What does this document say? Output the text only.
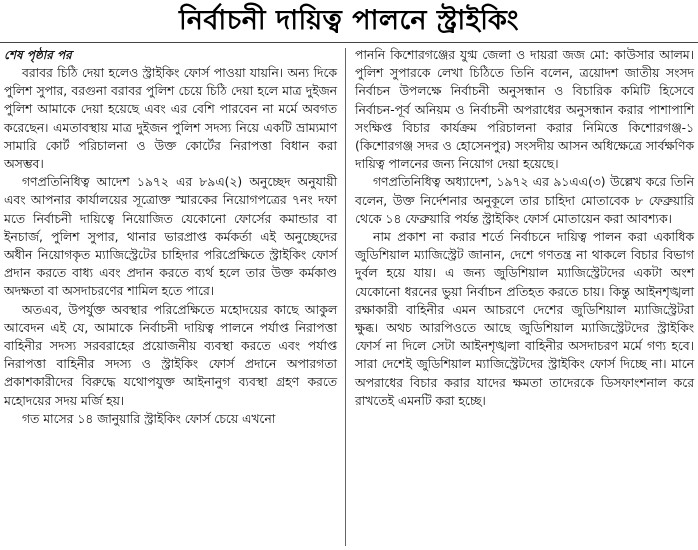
নির্বাচনী দায়িত্ব পালনে স্ট্রাইকিং
শেষ পৃষ্ঠার পর

বরাবর চিঠি দেয়া হলেও স্ট্রাইকিং ফোর্স পাওয়া যায়নি। অন্য দিকে পুলিশ সুপার, বরগুনা বরাবর পুলিশ চেয়ে চিঠি দেয়া হলে মাত্র দুইজন পুলিশ আমাকে দেয়া হয়েছে এবং এর বেশি পারবেন না মর্মে অবগত করেছেন। এমতাবস্থায় মাত্র দুইজন পুলিশ সদস্য নিয়ে একটি ভ্রাম্যমাণ সামারি কোর্ট পরিচালনা ও উক্ত কোর্টের নিরাপত্তা বিধান করা অসম্ভব।

গণপ্রতিনিধিত্ব আদেশ ১৯৭২ এর ৮৯এ(২) অনুচ্ছেদ অনুযায়ী এবং আপনার কার্যালয়ের সূত্রোক্ত স্মারকের নিয়োগপত্রের ৭নং দফা মতে নির্বাচনী দায়িত্বে নিয়োজিত যেকোনো ফোর্সের কমান্ডার বা ইনচার্জ, পুলিশ সুপার, থানার ভারপ্রাপ্ত কর্মকর্তা এই অনুচ্ছেদের অধীন নিয়োগকৃত ম্যাজিস্ট্রেটের চাহিদার পরিপ্রেক্ষিতে স্ট্রাইকিং ফোর্স প্রদান করতে বাধ্য এবং প্রদান করতে ব্যর্থ হলে তার উক্ত কর্মকাণ্ড অদক্ষতা বা অসদাচরণের শামিল হতে পারে।

অতএব, উপর্যুক্ত অবস্থার পরিপ্রেক্ষিতে মহোদয়ের কাছে আকুল আবেদন এই যে, আমাকে নির্বাচনী দায়িত্ব পালনে পর্যাপ্ত নিরাপত্তা বাহিনীর সদস্য সরবরাহের প্রয়োজনীয় ব্যবস্থা করতে এবং পর্যাপ্ত নিরাপত্তা বাহিনীর সদস্য ও স্ট্রাইকিং ফোর্স প্রদানে অপারগতা প্রকাশকারীদের বিরুদ্ধে যথোপযুক্ত আইনানুগ ব্যবস্থা গ্রহণ করতে মহোদয়ের সদয় মর্জি হয়।

গত মাসের ১৪ জানুয়ারি স্ট্রাইকিং ফোর্স চেয়ে এখনো

পাননি কিশোরগঞ্জের যুগ্ম জেলা ও দায়রা জজ মো: কাউসার আলম। পুলিশ সুপারকে লেখা চিঠিতে তিনি বলেন, ত্রয়োদশ জাতীয় সংসদ নির্বাচন উপলক্ষে নির্বাচনী অনুসন্ধান ও বিচারিক কমিটি হিসেবে নির্বাচন-পূর্ব অনিয়ম ও নির্বাচনী অপরাধের অনুসন্ধান করার পাশাপাশি সংক্ষিপ্ত বিচার কার্যক্রম পরিচালনা করার নিমিত্তে কিশোরগঞ্জ-১ (কিশোরগঞ্জ সদর ও হোসেনপুর) সংসদীয় আসন অধিক্ষেত্রে সার্বক্ষণিক দায়িত্ব পালনের জন্য নিয়োগ দেয়া হয়েছে।

গণপ্রতিনিধিত্ব অধ্যাদেশ, ১৯৭২ এর ৯১এএ(৩) উল্লেখ করে তিনি বলেন, উক্ত নির্দেশনার অনুকূলে তার চাহিদা মোতাবেক ৮ ফেব্রুয়ারি থেকে ১৪ ফেব্রুয়ারি পর্যন্ত স্ট্রাইকিং ফোর্স মোতায়েন করা আবশ্যক।

নাম প্রকাশ না করার শর্তে নির্বাচনে দায়িত্ব পালন করা একাধিক জুডিশিয়াল ম্যাজিস্ট্রেট জানান, দেশে গণতন্ত্র না থাকলে বিচার বিভাগ দুর্বল হয়ে যায়। এ জন্য জুডিশিয়াল ম্যাজিস্ট্রেটদের একটা অংশ যেকোনো ধরনের ভুয়া নির্বাচন প্রতিহত করতে চায়। কিন্তু আইনশৃঙ্খলা রক্ষাকারী বাহিনীর এমন আচরণে দেশের জুডিশিয়াল ম্যাজিস্ট্রেটরা ক্ষুব্ধ। অথচ আরপিওতে আছে জুডিশিয়াল ম্যাজিস্ট্রেটদের স্ট্রাইকিং ফোর্স না দিলে সেটা আইনশৃঙ্খলা বাহিনীর অসদাচরণ মর্মে গণ্য হবে। সারা দেশেই জুডিশিয়াল ম্যাজিস্ট্রেটদের স্ট্রাইকিং ফোর্স দিচ্ছে না। মানে অপরাধের বিচার করার যাদের ক্ষমতা তাদেরকে ডিসফাংশনাল করে রাখতেই এমনটি করা হচ্ছে।
